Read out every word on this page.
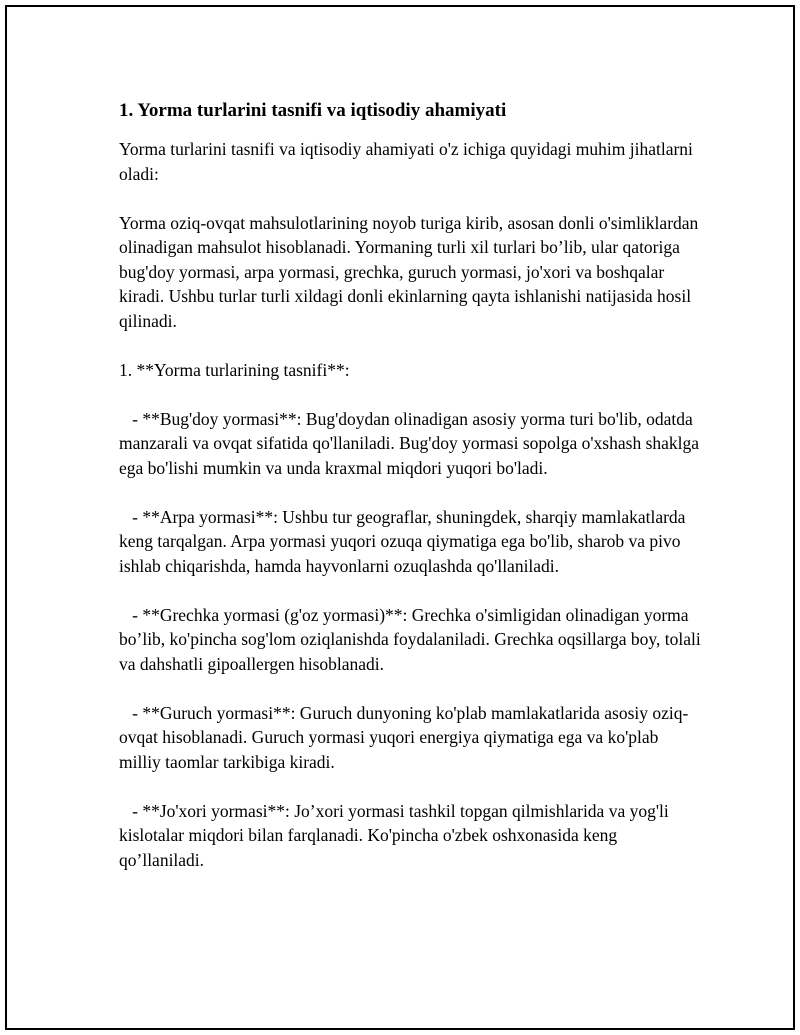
1. Yorma turlarini tasnifi va iqtisodiy ahamiyati

Yorma turlarini tasnifi va iqtisodiy ahamiyati o'z ichiga quyidagi muhim jihatlarni oladi:

Yorma oziq-ovqat mahsulotlarining noyob turiga kirib, asosan donli o'simliklardan olinadigan mahsulot hisoblanadi. Yormaning turli xil turlari bo’lib, ular qatoriga bug'doy yormasi, arpa yormasi, grechka, guruch yormasi, jo'xori va boshqalar kiradi. Ushbu turlar turli xildagi donli ekinlarning qayta ishlanishi natijasida hosil qilinadi.

1. **Yorma turlarining tasnifi**:

- **Bug'doy yormasi**: Bug'doydan olinadigan asosiy yorma turi bo'lib, odatda manzarali va ovqat sifatida qo'llaniladi. Bug'doy yormasi sopolga o'xshash shaklga ega bo'lishi mumkin va unda kraxmal miqdori yuqori bo'ladi.

- **Arpa yormasi**: Ushbu tur geograflar, shuningdek, sharqiy mamlakatlarda keng tarqalgan. Arpa yormasi yuqori ozuqa qiymatiga ega bo'lib, sharob va pivo ishlab chiqarishda, hamda hayvonlarni ozuqlashda qo'llaniladi.

- **Grechka yormasi (g'oz yormasi)**: Grechka o'simligidan olinadigan yorma bo’lib, ko'pincha sog'lom oziqlanishda foydalaniladi. Grechka oqsillarga boy, tolali va dahshatli gipoallergen hisoblanadi.

- **Guruch yormasi**: Guruch dunyoning ko'plab mamlakatlarida asosiy oziq-ovqat hisoblanadi. Guruch yormasi yuqori energiya qiymatiga ega va ko'plab milliy taomlar tarkibiga kiradi.

- **Jo'xori yormasi**: Jo’xori yormasi tashkil topgan qilmishlarida va yog'li kislotalar miqdori bilan farqlanadi. Ko'pincha o'zbek oshxonasida keng qo’llaniladi.
